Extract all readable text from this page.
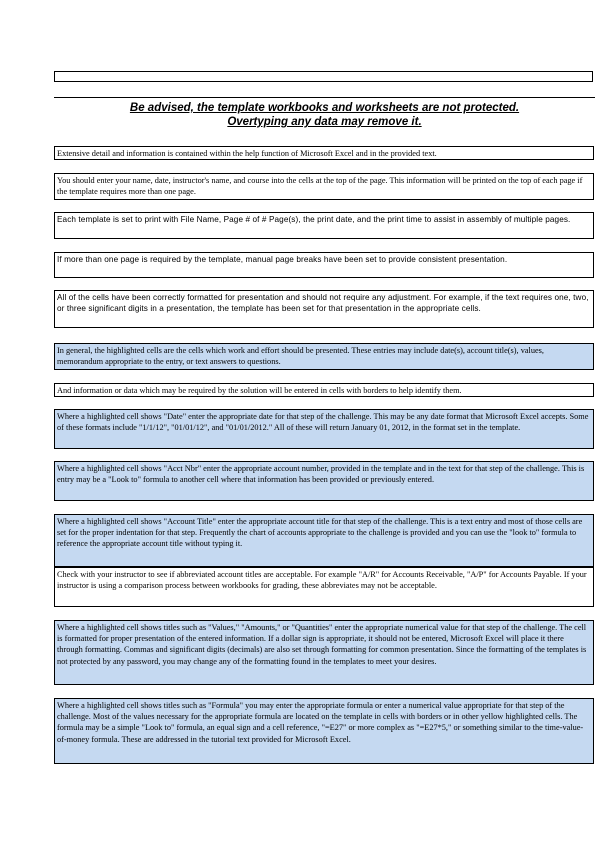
Be advised, the template workbooks and worksheets are not protected.
Overtyping any data may remove it.
Extensive detail and information is contained within the help function of Microsoft Excel and in the provided text.
You should enter your name, date, instructor's name, and course into the cells at the top of the page. This information will be printed on the top of each page if the template requires more than one page.
Each template is set to print with File Name, Page # of # Page(s), the print date, and the print time to assist in assembly of multiple pages.
If more than one page is required by the template, manual page breaks have been set to provide consistent presentation.
All of the cells have been correctly formatted for presentation and should not require any adjustment. For example, if the text requires one, two, or three significant digits in a presentation, the template has been set for that presentation in the appropriate cells.
In general, the highlighted cells are the cells which work and effort should be presented. These entries may include date(s), account title(s), values, memorandum appropriate to the entry, or text answers to questions.
And information or data which may be required by the solution will be entered in cells with borders to help identify them.
Where a highlighted cell shows "Date" enter the appropriate date for that step of the challenge. This may be any date format that Microsoft Excel accepts. Some of these formats include "1/1/12", "01/01/12", and "01/01/2012." All of these will return January 01, 2012, in the format set in the template.
Where a highlighted cell shows "Acct Nbr" enter the appropriate account number, provided in the template and in the text for that step of the challenge. This is entry may be a "Look to" formula to another cell where that information has been provided or previously entered.
Where a highlighted cell shows "Account Title" enter the appropriate account title for that step of the challenge. This is a text entry and most of those cells are set for the proper indentation for that step. Frequently the chart of accounts appropriate to the challenge is provided and you can use the "look to" formula to reference the appropriate account title without typing it.
Check with your instructor to see if abbreviated account titles are acceptable. For example "A/R" for Accounts Receivable, "A/P" for Accounts Payable. If your instructor is using a comparison process between workbooks for grading, these abbreviates may not be acceptable.
Where a highlighted cell shows titles such as "Values," "Amounts," or "Quantities" enter the appropriate numerical value for that step of the challenge. The cell is formatted for proper presentation of the entered information. If a dollar sign is appropriate, it should not be entered, Microsoft Excel will place it there through formatting. Commas and significant digits (decimals) are also set through formatting for common presentation. Since the formatting of the templates is not protected by any password, you may change any of the formatting found in the templates to meet your desires.
Where a highlighted cell shows titles such as "Formula" you may enter the appropriate formula or enter a numerical value appropriate for that step of the challenge. Most of the values necessary for the appropriate formula are located on the template in cells with borders or in other yellow highlighted cells. The formula may be a simple "Look to" formula, an equal sign and a cell reference, "=E27" or more complex as "=E27*5," or something similar to the time-value-of-money formula. These are addressed in the tutorial text provided for Microsoft Excel.
